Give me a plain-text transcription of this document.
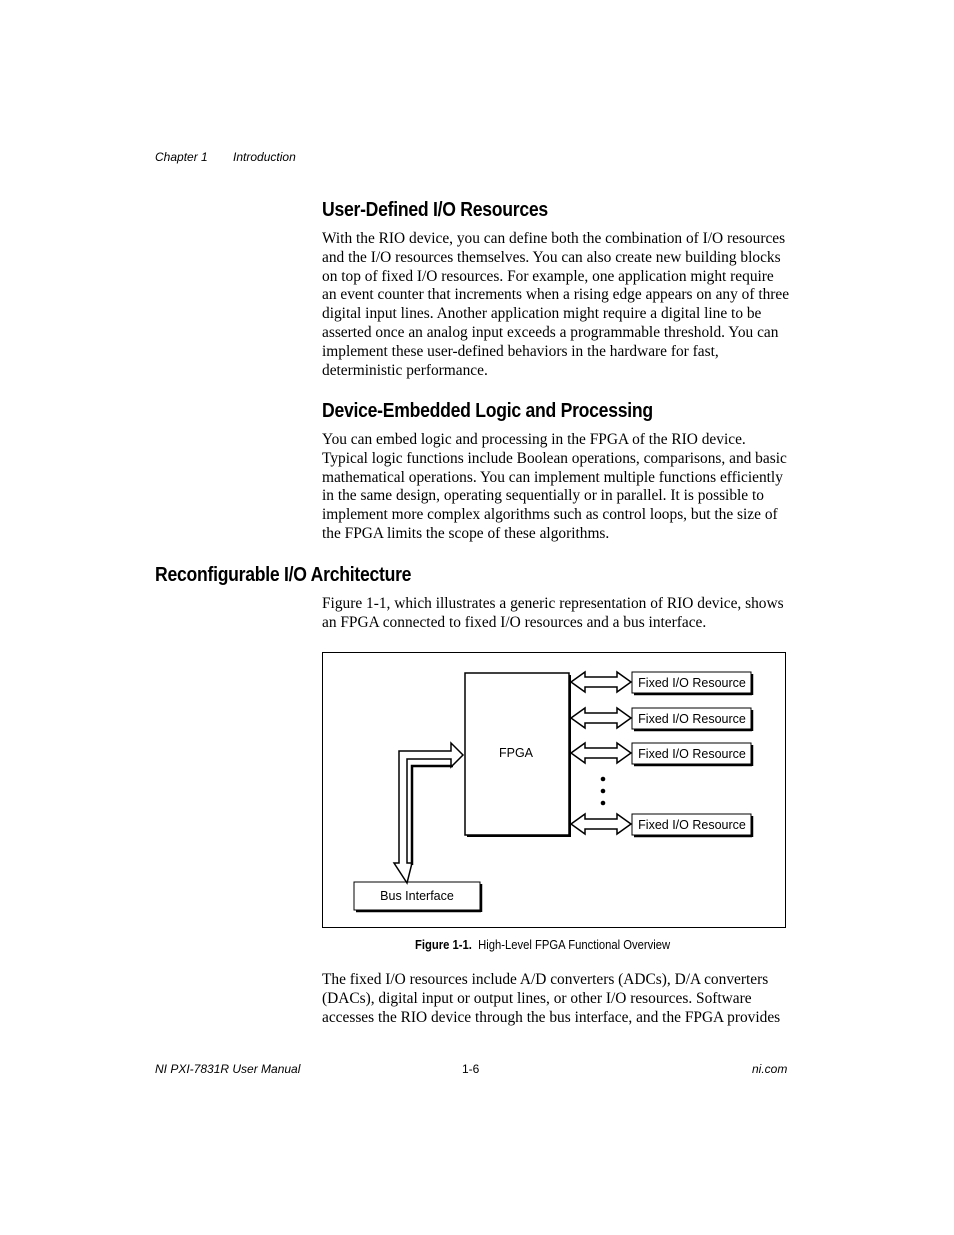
Chapter 1 Introduction
User-Defined I/O Resources

With the RIO device, you can define both the combination of I/O resources and the I/O resources themselves. You can also create new building blocks on top of fixed I/O resources. For example, one application might require an event counter that increments when a rising edge appears on any of three digital input lines. Another application might require a digital line to be asserted once an analog input exceeds a programmable threshold. You can implement these user-defined behaviors in the hardware for fast, deterministic performance.

Device-Embedded Logic and Processing

You can embed logic and processing in the FPGA of the RIO device. Typical logic functions include Boolean operations, comparisons, and basic mathematical operations. You can implement multiple functions efficiently in the same design, operating sequentially or in parallel. It is possible to implement more complex algorithms such as control loops, but the size of the FPGA limits the scope of these algorithms.

Reconfigurable I/O Architecture

Figure 1-1, which illustrates a generic representation of RIO device, shows an FPGA connected to fixed I/O resources and a bus interface.

FPGA
Bus Interface
Fixed I/O Resource
Fixed I/O Resource
Fixed I/O Resource
Fixed I/O Resource
Figure 1-1. High-Level FPGA Functional Overview

The fixed I/O resources include A/D converters (ADCs), D/A converters (DACs), digital input or output lines, or other I/O resources. Software accesses the RIO device through the bus interface, and the FPGA provides

NI PXI-7831R User Manual	1-6	ni.com
